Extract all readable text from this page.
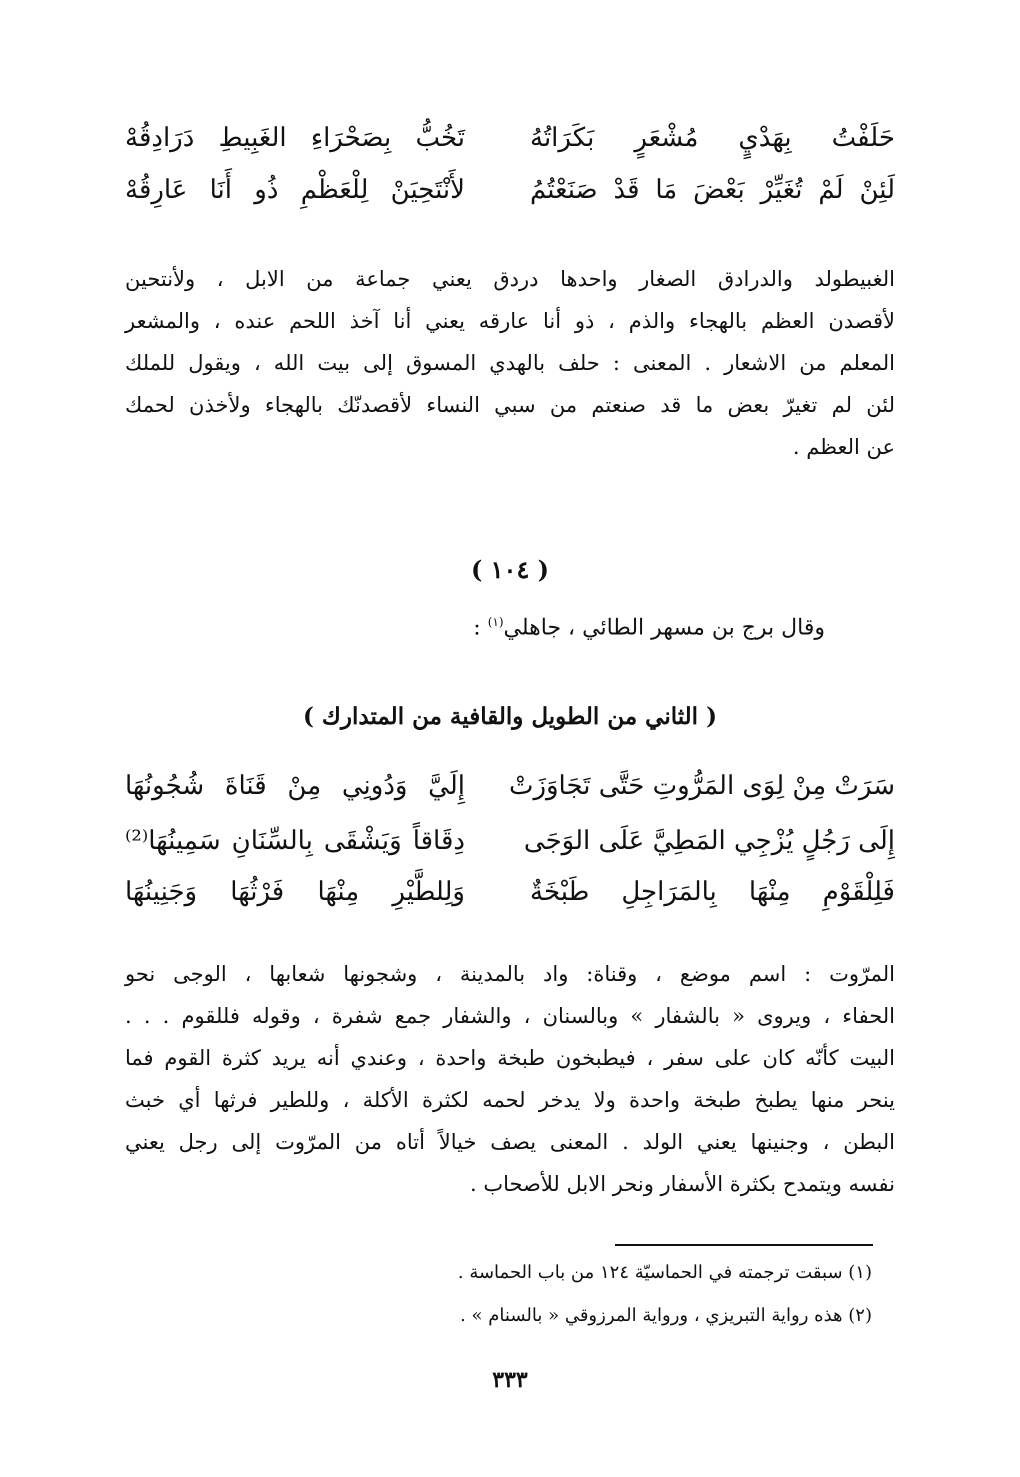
حَلَفْتُ بِهَدْيٍ مُشْعَرٍ بَكَرَاتُهُ
تَخُبُّ بِصَحْرَاءِ الغَبِيطِ دَرَادِقُهْ
لَئِنْ لَمْ تُغَيِّرْ بَعْضَ مَا قَدْ صَنَعْتُمُ
لأَنْتَحِيَنْ لِلْعَظْمِ ذُو أَنَا عَارِقُهْ
الغبيطولد والدرادق الصغار واحدها دردق يعني جماعة من الابل ، ولأنتحين
لأقصدن العظم بالهجاء والذم ، ذو أنا عارقه يعني أنا آخذ اللحم عنده ، والمشعر
المعلم من الاشعار . المعنى : حلف بالهدي المسوق إلى بيت الله ، ويقول للملك
لئن لم تغيرّ بعض ما قد صنعتم من سبي النساء لأقصدنّك بالهجاء ولأخذن لحمك
عن العظم .
( ١٠٤ )
وقال برج بن مسهر الطائي ، جاهلي$^{(١)}$ :
( الثاني من الطويل والقافية من المتدارك )
سَرَتْ مِنْ لِوَى المَرُّوتِ حَتَّى تَجَاوَزَتْ
إِلَيَّ وَدُونِي مِنْ قَنَاةَ شُجُونُهَا
إِلَى رَجُلٍ يُزْجِي المَطِيَّ عَلَى الوَجَى
دِقَاقاً وَيَشْقَى بِالسِّنَانِ سَمِينُهَا⁽²⁾
فَلِلْقَوْمِ مِنْهَا بِالمَرَاجِلِ طَبْخَةٌ
وَلِلطَّيْرِ مِنْهَا فَرْثُهَا وَجَنِينُهَا
المرّوت : اسم موضع ، وقناة: واد بالمدينة ، وشجونها شعابها ، الوجى نحو
الحفاء ، ويروى « بالشفار » وبالسنان ، والشفار جمع شفرة ، وقوله فللقوم . . .
البيت كأنّه كان على سفر ، فيطبخون طبخة واحدة ، وعندي أنه يريد كثرة القوم فما
ينحر منها يطبخ طبخة واحدة ولا يدخر لحمه لكثرة الأكلة ، وللطير فرثها أي خبث
البطن ، وجنينها يعني الولد . المعنى يصف خيالاً أتاه من المرّوت إلى رجل يعني
نفسه ويتمدح بكثرة الأسفار ونحر الابل للأصحاب .
(١) سبقت ترجمته في الحماسيّة ١٢٤ من باب الحماسة .
(٢) هذه رواية التبريزي ، ورواية المرزوقي « بالسنام » .
٣٣٣
